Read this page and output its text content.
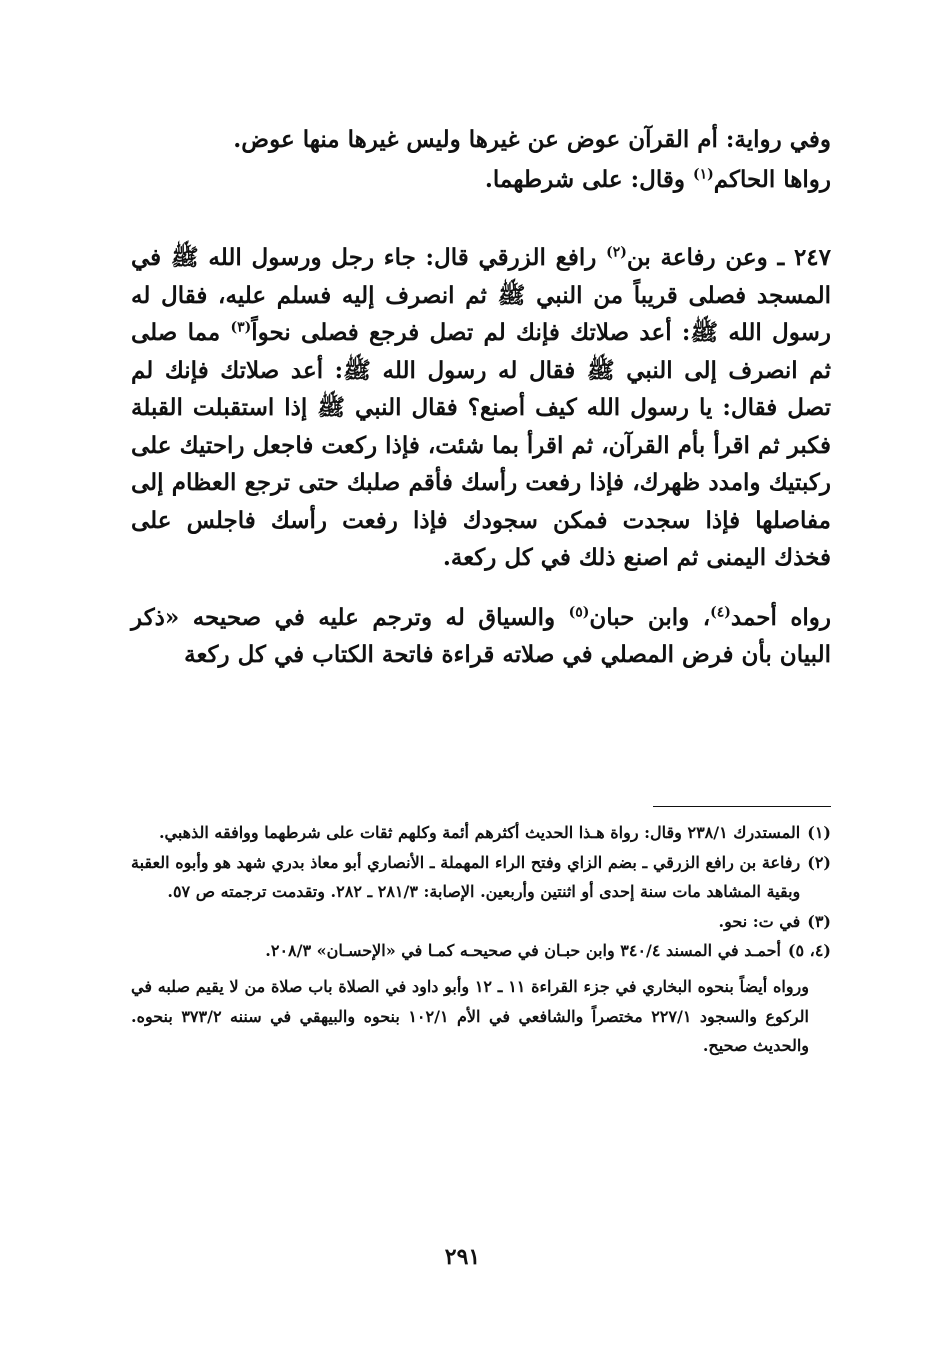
وفي رواية: أم القرآن عوض عن غيرها وليس غيرها منها عوض.

رواها الحاكم$^{(١)}$ وقال: على شرطهما.

٢٤٧ ـ وعن رفاعة بن$^{(٢)}$ رافع الزرقي قال: جاء رجل ورسول الله ﷺ في المسجد فصلى قريباً من النبي ﷺ ثم انصرف إليه فسلم عليه، فقال له رسول الله ﷺ: أعد صلاتك فإنك لم تصل فرجع فصلى نحواً$^{(٣)}$ مما صلى ثم انصرف إلى النبي ﷺ فقال له رسول الله ﷺ: أعد صلاتك فإنك لم تصل فقال: يا رسول الله كيف أصنع؟ فقال النبي ﷺ إذا استقبلت القبلة فكبر ثم اقرأ بأم القرآن، ثم اقرأ بما شئت، فإذا ركعت فاجعل راحتيك على ركبتيك وامدد ظهرك، فإذا رفعت رأسك فأقم صلبك حتى ترجع العظام إلى مفاصلها فإذا سجدت فمكن سجودك فإذا رفعت رأسك فاجلس على فخذك اليمنى ثم اصنع ذلك في كل ركعة.

رواه أحمد$^{(٤)}$، وابن حبان$^{(٥)}$ والسياق له وترجم عليه في صحيحه «ذكر البيان بأن فرض المصلي في صلاته قراءة فاتحة الكتاب في كل ركعة

(١)
المستدرك ٢٣٨/١ وقال: رواة هـذا الحديث أكثرهم أئمة وكلهم ثقات على شرطهما ووافقه الذهبي.
(٢)
رفاعة بن رافع الزرقي ـ بضم الزاي وفتح الراء المهملة ـ الأنصاري أبو معاذ بدري شهد هو وأبوه العقبة وبقية المشاهد مات سنة إحدى أو اثنتين وأربعين. الإصابة: ٢٨١/٣ ـ ٢٨٢. وتقدمت ترجمته ص ٥٧.
(٣)
في ت: نحو.
(٤، ٥)
أحمـد في المسند ٣٤٠/٤ وابن حبـان في صحيحـه كمـا في «الإحسـان» ٢٠٨/٣.

ورواه أيضاً بنحوه البخاري في جزء القراءة ١١ ـ ١٢ وأبو داود في الصلاة باب صلاة من لا يقيم صلبه في الركوع والسجود ٢٢٧/١ مختصراً والشافعي في الأم ١٠٢/١ بنحوه والبيهقي في سننه ٣٧٣/٢ بنحوه. والحديث صحيح.

٢٩١
